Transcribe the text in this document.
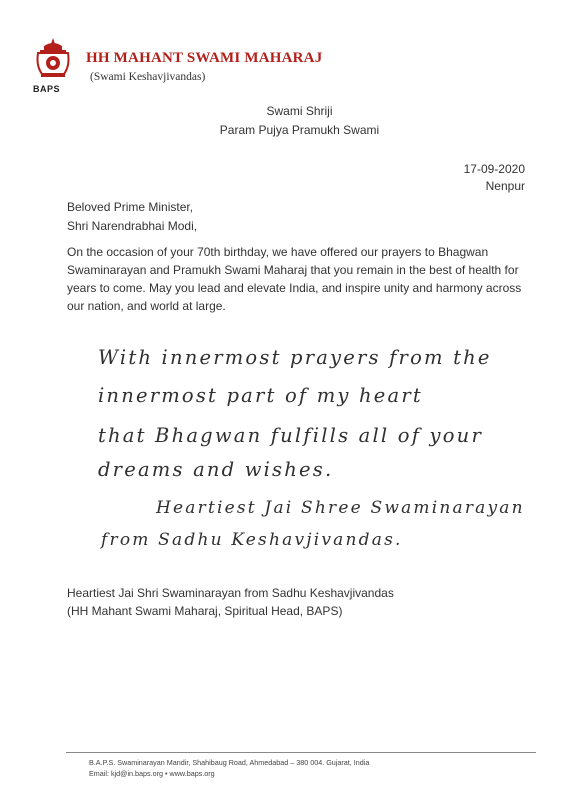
BAPS
HH MAHANT SWAMI MAHARAJ
(Swami Keshavjivandas)
Swami Shriji
Param Pujya Pramukh Swami
17-09-2020
Nenpur
Beloved Prime Minister,
Shri Narendrabhai Modi,
On the occasion of your 70th birthday, we have offered our prayers to Bhagwan Swaminarayan and Pramukh Swami Maharaj that you remain in the best of health for years to come. May you lead and elevate India, and inspire unity and harmony across our nation, and world at large.
With innermost prayers from the
innermost part of my heart
that Bhagwan fulfills all of your
dreams and wishes.
Heartiest Jai Shree Swaminarayan
from Sadhu Keshavjivandas.
Heartiest Jai Shri Swaminarayan from Sadhu Keshavjivandas
(HH Mahant Swami Maharaj, Spiritual Head, BAPS)
B.A.P.S. Swaminarayan Mandir, Shahibaug Road, Ahmedabad – 380 004. Gujarat, India
Email: kjd@in.baps.org • www.baps.org
